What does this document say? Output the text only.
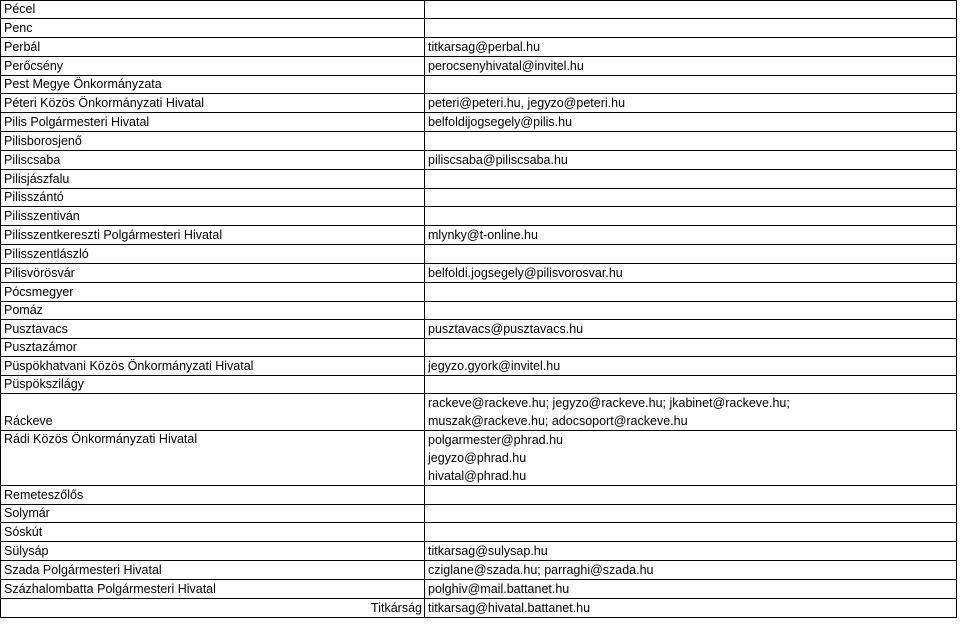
Pécel	
Penc	
Perbál	titkarsag@perbal.hu

Perőcsény	perocsenyhivatal@invitel.hu

Pest Megye Önkormányzata	
Péteri Közös Önkormányzati Hivatal	peteri@peteri.hu, jegyzo@peteri.hu

Pilis Polgármesteri Hivatal	belfoldijogsegely@pilis.hu

Pilisborosjenő	
Piliscsaba	piliscsaba@piliscsaba.hu

Pilisjászfalu	
Pilisszántó	
Pilisszentiván	
Pilisszentkereszti Polgármesteri Hivatal	mlynky@t-online.hu

Pilisszentlászló	
Pilisvörösvár	belfoldi.jogsegely@pilisvorosvar.hu

Pócsmegyer	
Pomáz	
Pusztavacs	pusztavacs@pusztavacs.hu

Pusztazámor	
Püspökhatvani Közös Önkormányzati Hivatal	jegyzo.gyork@invitel.hu

Püspökszilágy	
Ráckeve	rackeve@rackeve.hu; jegyzo@rackeve.hu; jkabinet@rackeve.hu;
muszak@rackeve.hu; adocsoport@rackeve.hu

Rádi Közös Önkormányzati Hivatal	polgarmester@phrad.hu
jegyzo@phrad.hu
hivatal@phrad.hu

Remeteszőlős	
Solymár	
Sóskút	
Sülysáp	titkarsag@sulysap.hu

Szada Polgármesteri Hivatal	cziglane@szada.hu; parraghi@szada.hu

Százhalombatta Polgármesteri Hivatal	polghiv@mail.battanet.hu

Titkárság	titkarsag@hivatal.battanet.hu
